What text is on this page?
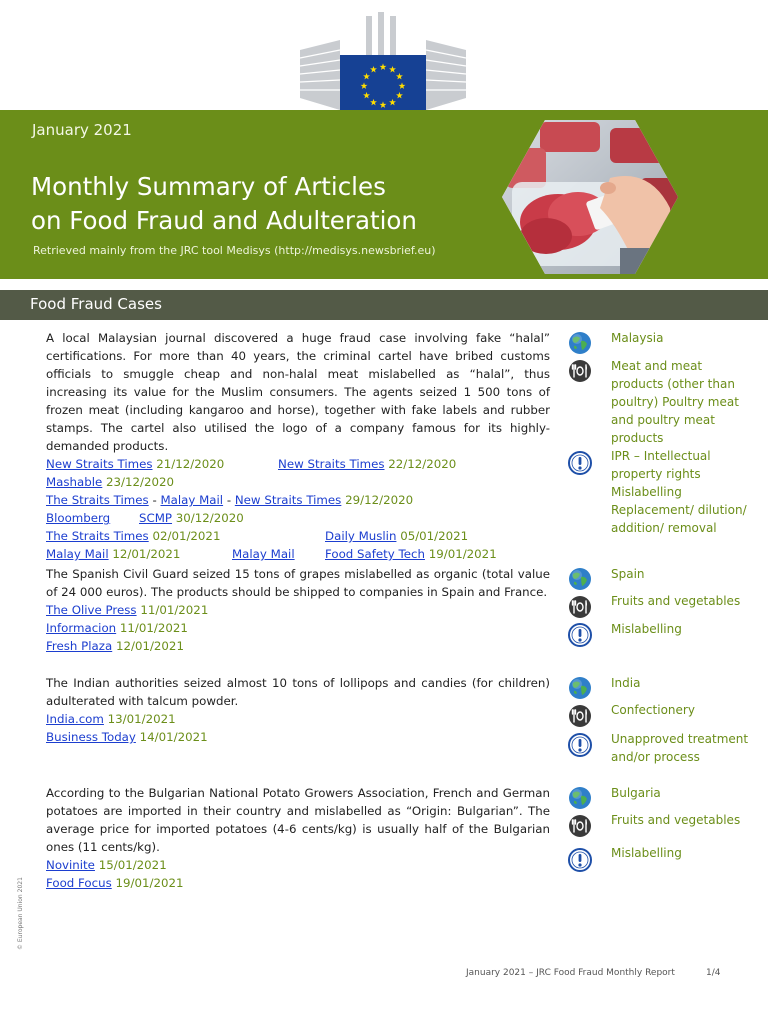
January 2021
Monthly Summary of Articles
on Food Fraud and Adulteration
Retrieved mainly from the JRC tool Medisys (http://medisys.newsbrief.eu)
Food Fraud Cases

A local Malaysian journal discovered a huge fraud case involving fake “halal” certifications. For more than 40 years, the criminal cartel have bribed customs officials to smuggle cheap and non-halal meat mislabelled as “halal”, thus increasing its value for the Muslim consumers. The agents seized 1 500 tons of frozen meat (including kangaroo and horse), together with fake labels and rubber stamps. The cartel also utilised the logo of a company famous for its highly-demanded products.

New Straits Times 21/12/2020	New Straits Times 22/12/2020
Mashable 23/12/2020
The Straits Times - Malay Mail - New Straits Times 29/12/2020
Bloomberg SCMP 30/12/2020
The Straits Times 02/01/2021	Daily Muslin 05/01/2021
Malay Mail 12/01/2021	Malay Mail	Food Safety Tech 19/01/2021
Malaysia
Meat and meat products (other than poultry) Poultry meat and poultry meat products
IPR – Intellectual property rights Mislabelling Replacement/ dilution/ addition/ removal

The Spanish Civil Guard seized 15 tons of grapes mislabelled as organic (total value of 24 000 euros). The products should be shipped to companies in Spain and France.

The Olive Press 11/01/2021
Informacion 11/01/2021
Fresh Plaza 12/01/2021
Spain
Fruits and vegetables
Mislabelling

The Indian authorities seized almost 10 tons of lollipops and candies (for children) adulterated with talcum powder.

India.com 13/01/2021
Business Today 14/01/2021
India
Confectionery
Unapproved treatment and/or process

According to the Bulgarian National Potato Growers Association, French and German potatoes are imported in their country and mislabelled as “Origin: Bulgarian”. The average price for imported potatoes (4-6 cents/kg) is usually half of the Bulgarian ones (11 cents/kg).

Novinite 15/01/2021
Food Focus 19/01/2021
Bulgaria
Fruits and vegetables
Mislabelling
© European Union 2021
January 2021 – JRC Food Fraud Monthly Report	1/4
